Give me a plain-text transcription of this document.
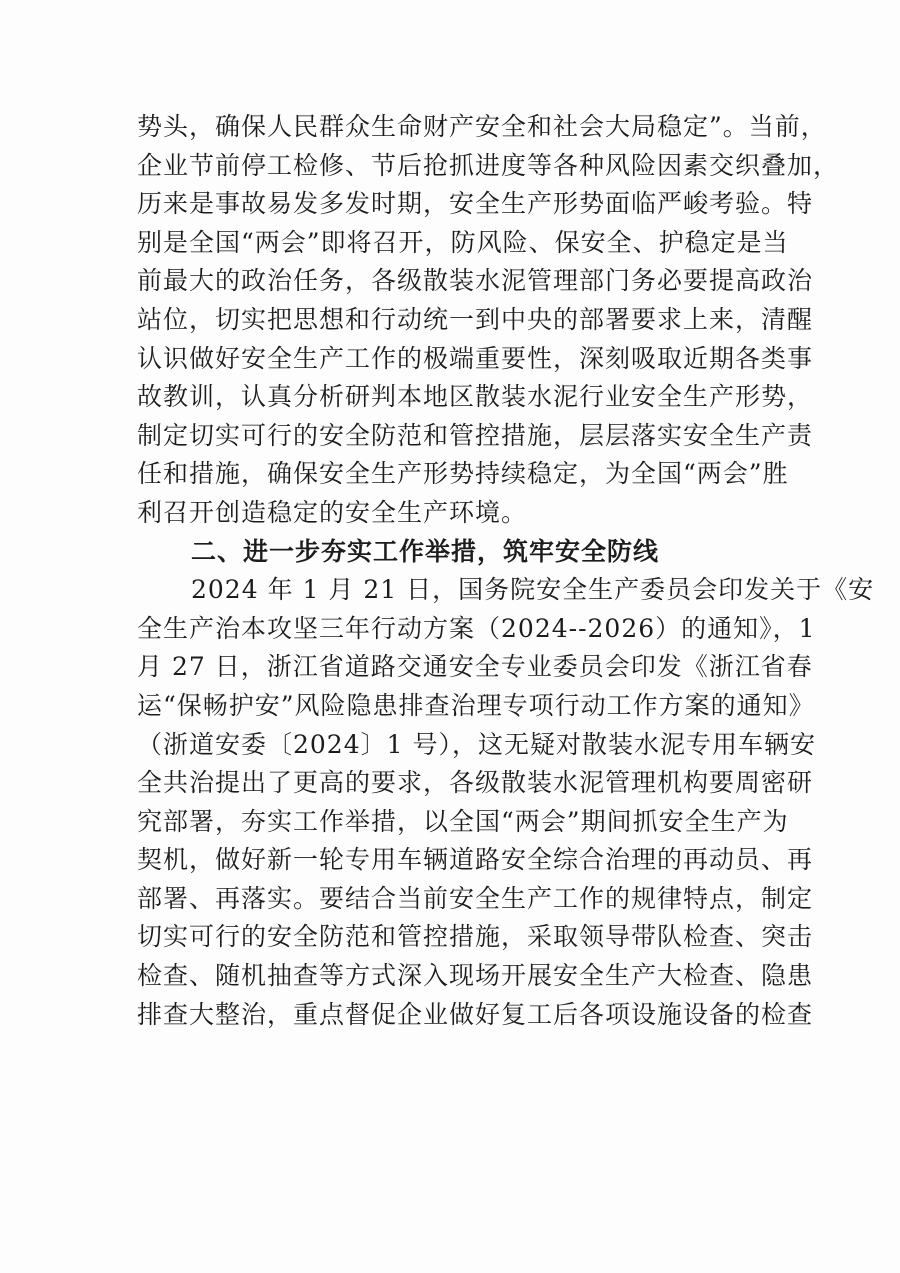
势头，确保人民群众生命财产安全和社会大局稳定”。当前，
企业节前停工检修、节后抢抓进度等各种风险因素交织叠加，
历来是事故易发多发时期，安全生产形势面临严峻考验。特
别是全国“两会”即将召开，防风险、保安全、护稳定是当
前最大的政治任务，各级散装水泥管理部门务必要提高政治
站位，切实把思想和行动统一到中央的部署要求上来，清醒
认识做好安全生产工作的极端重要性，深刻吸取近期各类事
故教训，认真分析研判本地区散装水泥行业安全生产形势，
制定切实可行的安全防范和管控措施，层层落实安全生产责
任和措施，确保安全生产形势持续稳定，为全国“两会”胜
利召开创造稳定的安全生产环境。
二、进一步夯实工作举措，筑牢安全防线
2024 年 1 月 21 日，国务院安全生产委员会印发关于《安
全生产治本攻坚三年行动方案（2024--2026）的通知》，1
月 27 日，浙江省道路交通安全专业委员会印发《浙江省春
运“保畅护安”风险隐患排查治理专项行动工作方案的通知》
（浙道安委〔2024〕1 号），这无疑对散装水泥专用车辆安
全共治提出了更高的要求，各级散装水泥管理机构要周密研
究部署，夯实工作举措，以全国“两会”期间抓安全生产为
契机，做好新一轮专用车辆道路安全综合治理的再动员、再
部署、再落实。要结合当前安全生产工作的规律特点，制定
切实可行的安全防范和管控措施，采取领导带队检查、突击
检查、随机抽查等方式深入现场开展安全生产大检查、隐患
排查大整治，重点督促企业做好复工后各项设施设备的检查
